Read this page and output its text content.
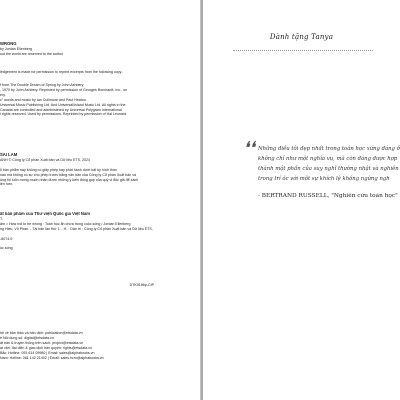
WRONG

by Jordan Ellenberg

out the world are reserved to the author

ledgement is made for permission to reprint excerpts from the following copy-

f from The Double Dream of Spring by John Ashbery.

, 1970 by John Ashbery. Reprinted by permission of Georges Borchardt, Inc., on

ery.

c" words and music by Ian Cullimore and Paul Heaton.

Universal Music Publishing Ltd. And Universal/Island Music Ltd. All rights in the

Canada are controlled and administered by Universal Polygram International

l rights reserved. Used by permissions. Reprinted by permission of Hal Leonard

SAI LẦM

ANH © Công ty Cổ phần Xuất bản và Dữ liệu ETS, 2024

ỗ bản phẩm này không có giấy phép hay phát hành dưới bất kỳ hình thức

nào mà không có sự cho phép trước bằng văn bản của Công ty Cổ phần Xuất bản và

ủng tôi luôn mong muốn nhận được những ý kiến đóng góp của quý vị độc giả để sách

iện hơn.

ất bản phẩm của Thư viện Quốc gia Việt Nam

T.

âm = How not to be wrong : Toán học ẩn chứa trong cuộc sống / Jordan Ellenberg

ng Hiếu, Vũ Phan. - Tái bản lần thứ 1. - H. : Dân trí ; Công ty Cổ phần Xuất bản và Dữ liệu ETS,

-8074-9

ộc sống

DTK0186p-CIP

hệ về bản thảo và bản dịch: publication@etsdata.vn

ề Nội dung số: digital@etsdata.vn

ất bản & truyền thông trên sách: project@etsdata.vn

ạt văn, đại diện & giao dịch bản quyền: rights@etsdata.vn

Bắc: Hotline: 093 614 09980 | Email: sales@alphabooks.vn

Nam: Hotline: 081 142 21402 | Email: sales.hcm@alphabooks.vn

Dành tặng Tanya
❛❛ Những điều tôi đẹp nhất trong toán học xứng đáng ở

không chỉ như một nghĩa vụ, mà còn đáng được hợp

thành một phần của suy nghĩ thường nhật và nghiên

trong trí óc với một sự khích lệ không ngừng ngh

- BERTRAND RUSSELL, "Nghiên cứu toán học"
